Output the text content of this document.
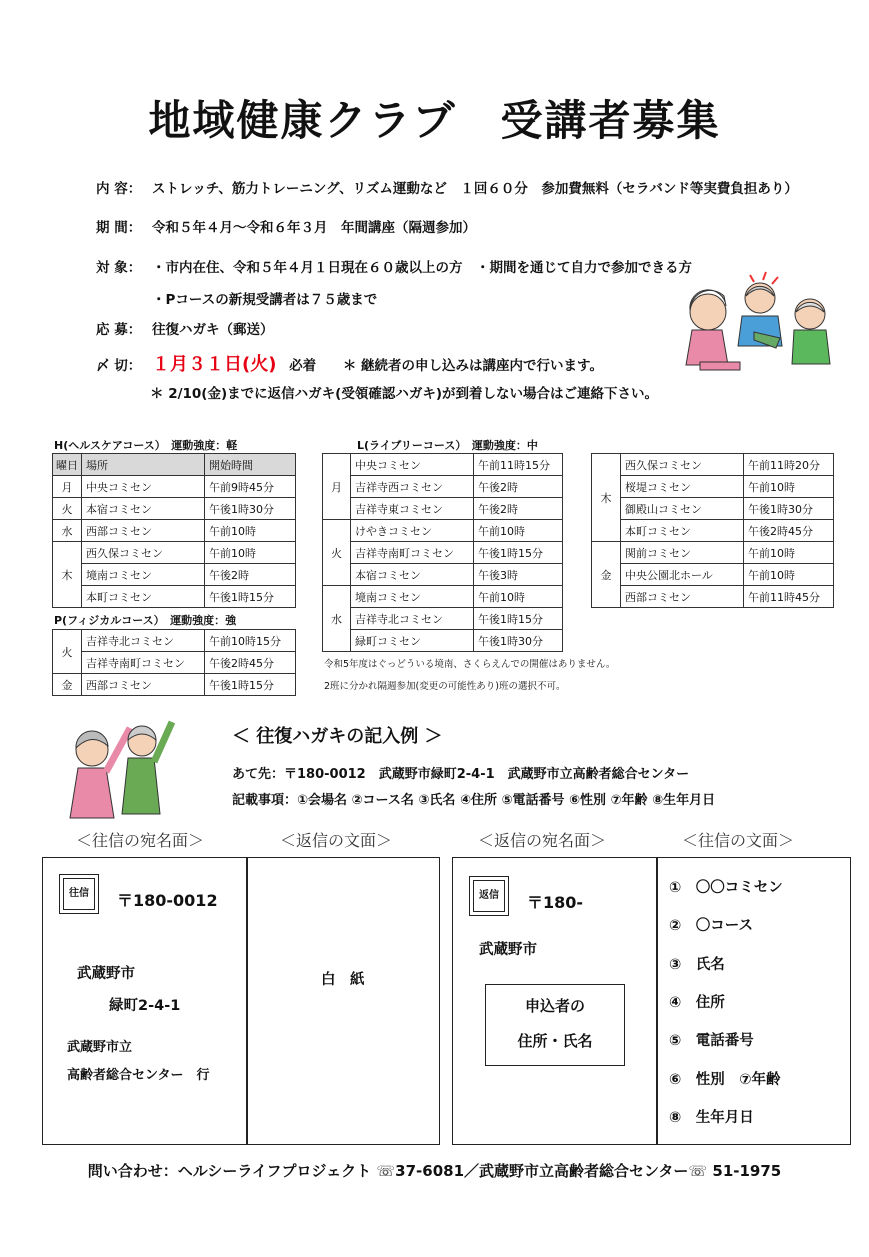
地域健康クラブ　受講者募集
内 容： ストレッチ、筋力トレーニング、リズム運動など　１回６０分　参加費無料（セラバンド等実費負担あり）
期 間： 令和５年４月～令和６年３月　年間講座（隔週参加）
対 象： ・市内在住、令和５年４月１日現在６０歳以上の方　・期間を通じて自力で参加できる方
・Pコースの新規受講者は７５歳まで
応 募： 往復ハガキ（郵送）
〆 切： １月３１日(火) 必着 ＊ 継続者の申し込みは講座内で行います。
＊ 2/10(金)までに返信ハガキ(受領確認ハガキ)が到着しない場合はご連絡下さい。
H(ヘルスケアコース）　運動強度：軽
曜日	場所	開始時間
月	中央コミセン	午前9時45分
火	本宿コミセン	午後1時30分
水	西部コミセン	午前10時
木	西久保コミセン	午前10時
	境南コミセン	午後2時
	本町コミセン	午後1時15分
P(フィジカルコース）　運動強度：強
火	吉祥寺北コミセン	午前10時15分
	吉祥寺南町コミセン	午後2時45分
金	西部コミセン	午後1時15分
L(ライブリーコース）　運動強度：中
月	中央コミセン	午前11時15分
	吉祥寺西コミセン	午後2時
	吉祥寺東コミセン	午後2時
火	けやきコミセン	午前10時
	吉祥寺南町コミセン	午後1時15分
	本宿コミセン	午後3時
水	境南コミセン	午前10時
	吉祥寺北コミセン	午後1時15分
	緑町コミセン	午後1時30分
令和5年度はぐっどういる境南、さくらえんでの開催はありません。
2班に分かれ隔週参加(変更の可能性あり)班の選択不可。
木	西久保コミセン	午前11時20分
	桜堤コミセン	午前10時
	御殿山コミセン	午後1時30分
	本町コミセン	午後2時45分
金	関前コミセン	午前10時
	中央公園北ホール	午前10時
	西部コミセン	午前11時45分
＜ 往復ハガキの記入例 ＞
あて先：〒180-0012　武蔵野市緑町2-4-1　武蔵野市立高齢者総合センター
記載事項：①会場名 ②コース名 ③氏名 ④住所 ⑤電話番号 ⑥性別 ⑦年齢 ⑧生年月日
＜往信の宛名面＞	＜返信の文面＞	＜返信の宛名面＞	＜往信の文面＞
往信	〒180-0012
武蔵野市
緑町2-4-1
武蔵野市立
高齢者総合センター　行
白　紙
返信	〒180-
武蔵野市
申込者の
住所・氏名
①　〇〇コミセン
②　〇コース
③　氏名
④　住所
⑤　電話番号
⑥　性別　⑦年齢
⑧　生年月日
問い合わせ：ヘルシーライフプロジェクト ☏37-6081／武蔵野市立高齢者総合センター☏ 51-1975
